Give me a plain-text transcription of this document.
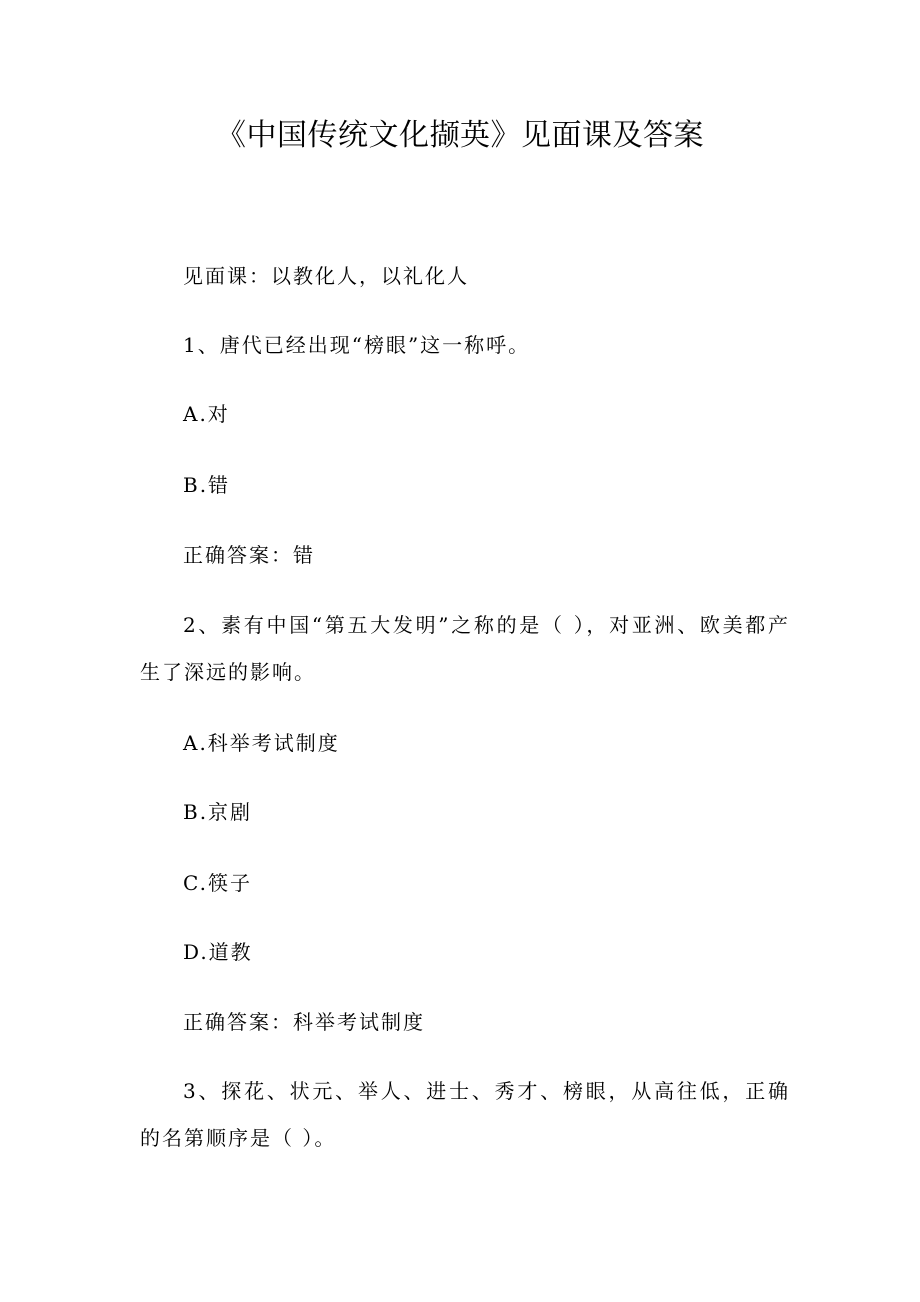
《中国传统文化撷英》见面课及答案
见面课：以教化人，以礼化人
1、唐代已经出现“榜眼”这一称呼。
A.对
B.错
正确答案：错
2、素有中国“第五大发明”之称的是（ ），对亚洲、欧美都产生了深远的影响。
A.科举考试制度
B.京剧
C.筷子
D.道教
正确答案：科举考试制度
3、探花、状元、举人、进士、秀才、榜眼，从高往低，正确的名第顺序是（ ）。
